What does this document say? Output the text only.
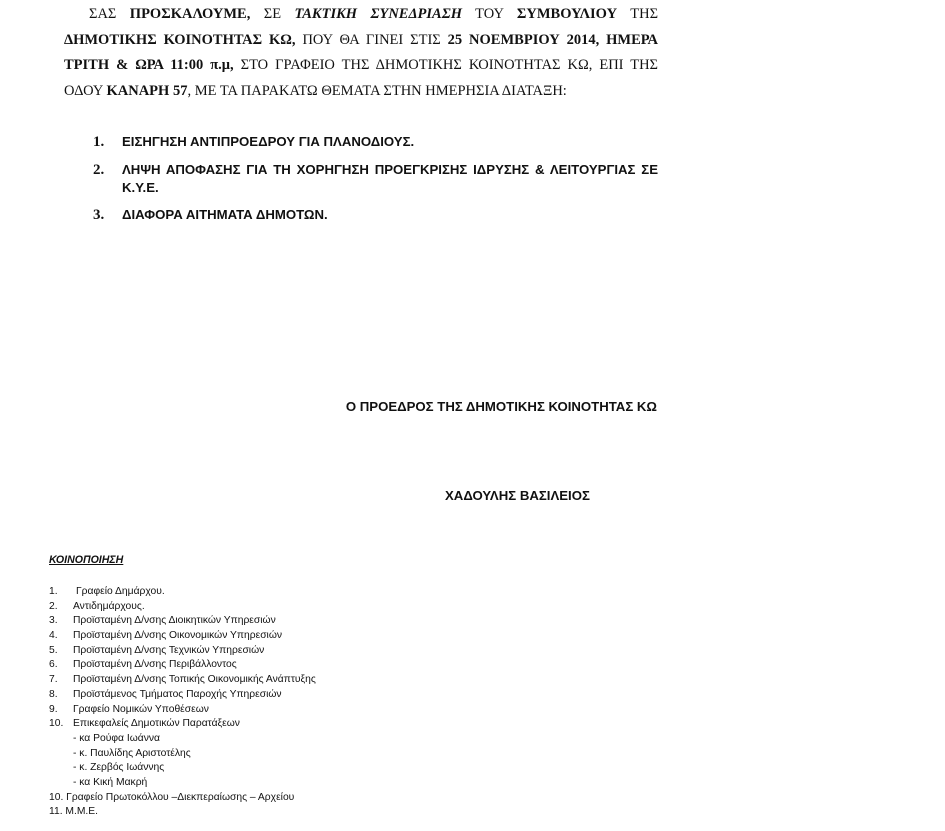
ΣΑΣ ΠΡΟΣΚΑΛΟΥΜΕ, ΣΕ ΤΑΚΤΙΚΗ ΣΥΝΕΔΡΙΑΣΗ ΤΟΥ ΣΥΜΒΟΥΛΙΟΥ ΤΗΣ
ΔΗΜΟΤΙΚΗΣ ΚΟΙΝΟΤΗΤΑΣ ΚΩ, ΠΟΥ ΘΑ ΓΙΝΕΙ ΣΤΙΣ 25 ΝΟΕΜΒΡΙΟΥ 2014, ΗΜΕΡΑ
ΤΡΙΤΗ & ΩΡΑ 11:00 π.μ, ΣΤΟ ΓΡΑΦΕΙΟ ΤΗΣ ΔΗΜΟΤΙΚΗΣ ΚΟΙΝΟΤΗΤΑΣ ΚΩ, ΕΠΙ ΤΗΣ
ΟΔΟΥ ΚΑΝΑΡΗ 57, ΜΕ ΤΑ ΠΑΡΑΚΑΤΩ ΘΕΜΑΤΑ ΣΤΗΝ ΗΜΕΡΗΣΙΑ ΔΙΑΤΑΞΗ:
1. ΕΙΣΗΓΗΣΗ ΑΝΤΙΠΡΟΕΔΡΟΥ ΓΙΑ ΠΛΑΝΟΔΙΟΥΣ.
2. ΛΗΨΗ ΑΠΟΦΑΣΗΣ ΓΙΑ ΤΗ ΧΟΡΗΓΗΣΗ ΠΡΟΕΓΚΡΙΣΗΣ ΙΔΡΥΣΗΣ & ΛΕΙΤΟΥΡΓΙΑΣ ΣΕ Κ.Υ.Ε.
3. ΔΙΑΦΟΡΑ ΑΙΤΗΜΑΤΑ ΔΗΜΟΤΩΝ.
Ο ΠΡΟΕΔΡΟΣ ΤΗΣ ΔΗΜΟΤΙΚΗΣ ΚΟΙΝΟΤΗΤΑΣ ΚΩ
ΧΑΔΟΥΛΗΣ ΒΑΣΙΛΕΙΟΣ
ΚΟΙΝΟΠΟΙΗΣΗ
1. Γραφείο Δημάρχου.
2. Αντιδημάρχους.
3. Προϊσταμένη Δ/νσης Διοικητικών Υπηρεσιών
4. Προϊσταμένη Δ/νσης Οικονομικών Υπηρεσιών
5. Προϊσταμένη Δ/νσης Τεχνικών Υπηρεσιών
6. Προϊσταμένη Δ/νσης Περιβάλλοντος
7. Προϊσταμένη Δ/νσης Τοπικής Οικονομικής Ανάπτυξης
8. Προϊστάμενος Τμήματος Παροχής Υπηρεσιών
9. Γραφείο Νομικών Υποθέσεων
10. Επικεφαλείς Δημοτικών Παρατάξεων
- κα Ρούφα Ιωάννα
- κ. Παυλίδης Αριστοτέλης
- κ. Ζερβός Ιωάννης
- κα Κική Μακρή
10. Γραφείο Πρωτοκόλλου –Διεκπεραίωσης – Αρχείου
11. Μ.Μ.Ε.
